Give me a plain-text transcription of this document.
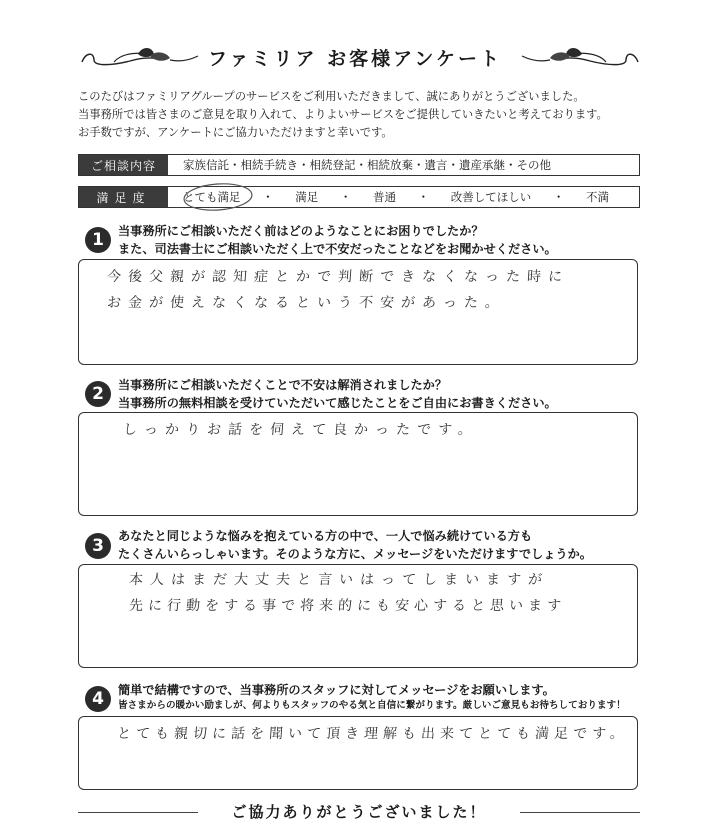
ファミリア お客様アンケート
このたびはファミリアグループのサービスをご利用いただきまして、誠にありがとうございました。
当事務所では皆さまのご意見を取り入れて、よりよいサービスをご提供していきたいと考えております。
お手数ですが、アンケートにご協力いただけますと幸いです。
ご相談内容	家族信託・相続手続き・相続登記・相続放棄・遺言・遺産承継・その他
満足度	とても満足 ・ 満足 ・ 普通 ・ 改善してほしい ・ 不満
1	当事務所にご相談いただく前はどのようなことにお困りでしたか？
また、司法書士にご相談いただく上で不安だったことなどをお聞かせください。
今後父親が認知症とかで判断できなくなった時に
お金が使えなくなるという不安があった。
2	当事務所にご相談いただくことで不安は解消されましたか？
当事務所の無料相談を受けていただいて感じたことをご自由にお書きください。
しっかりお話を伺えて良かったです。
3	あなたと同じような悩みを抱えている方の中で、一人で悩み続けている方も
たくさんいらっしゃいます。そのような方に、メッセージをいただけますでしょうか。
本人はまだ大丈夫と言いはってしまいますが
先に行動をする事で将来的にも安心すると思います
4	簡単で結構ですので、当事務所のスタッフに対してメッセージをお願いします。
皆さまからの暖かい励ましが、何よりもスタッフのやる気と自信に繋がります。厳しいご意見もお待ちしております！
とても親切に話を聞いて頂き理解も出来てとても満足です。
ご協力ありがとうございました！
